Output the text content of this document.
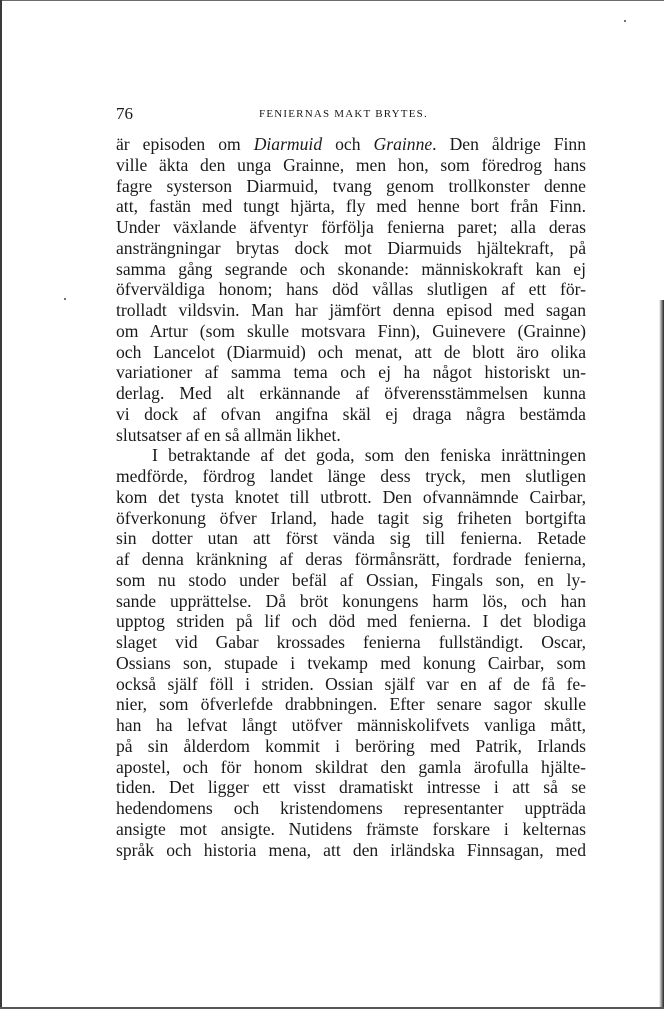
76	FENIERNAS MAKT BRYTES.
är episoden om Diarmuid och Grainne. Den åldrige Finn
ville äkta den unga Grainne, men hon, som föredrog hans
fagre systerson Diarmuid, tvang genom trollkonster denne
att, fastän med tungt hjärta, fly med henne bort från Finn.
Under växlande äfventyr förfölja fenierna paret; alla deras
ansträngningar brytas dock mot Diarmuids hjältekraft, på
samma gång segrande och skonande: människokraft kan ej
öfverväldiga honom; hans död vållas slutligen af ett för-
trolladt vildsvin. Man har jämfört denna episod med sagan
om Artur (som skulle motsvara Finn), Guinevere (Grainne)
och Lancelot (Diarmuid) och menat, att de blott äro olika
variationer af samma tema och ej ha något historiskt un-
derlag. Med alt erkännande af öfverensstämmelsen kunna
vi dock af ofvan angifna skäl ej draga några bestämda
slutsatser af en så allmän likhet.
I betraktande af det goda, som den feniska inrättningen
medförde, fördrog landet länge dess tryck, men slutligen
kom det tysta knotet till utbrott. Den ofvannämnde Cairbar,
öfverkonung öfver Irland, hade tagit sig friheten bortgifta
sin dotter utan att först vända sig till fenierna. Retade
af denna kränkning af deras förmånsrätt, fordrade fenierna,
som nu stodo under befäl af Ossian, Fingals son, en ly-
sande upprättelse. Då bröt konungens harm lös, och han
upptog striden på lif och död med fenierna. I det blodiga
slaget vid Gabar krossades fenierna fullständigt. Oscar,
Ossians son, stupade i tvekamp med konung Cairbar, som
också själf föll i striden. Ossian själf var en af de få fe-
nier, som öfverlefde drabbningen. Efter senare sagor skulle
han ha lefvat långt utöfver människolifvets vanliga mått,
på sin ålderdom kommit i beröring med Patrik, Irlands
apostel, och för honom skildrat den gamla ärofulla hjälte-
tiden. Det ligger ett visst dramatiskt intresse i att så se
hedendomens och kristendomens representanter uppträda
ansigte mot ansigte. Nutidens främste forskare i kelternas
språk och historia mena, att den irländska Finnsagan, med
